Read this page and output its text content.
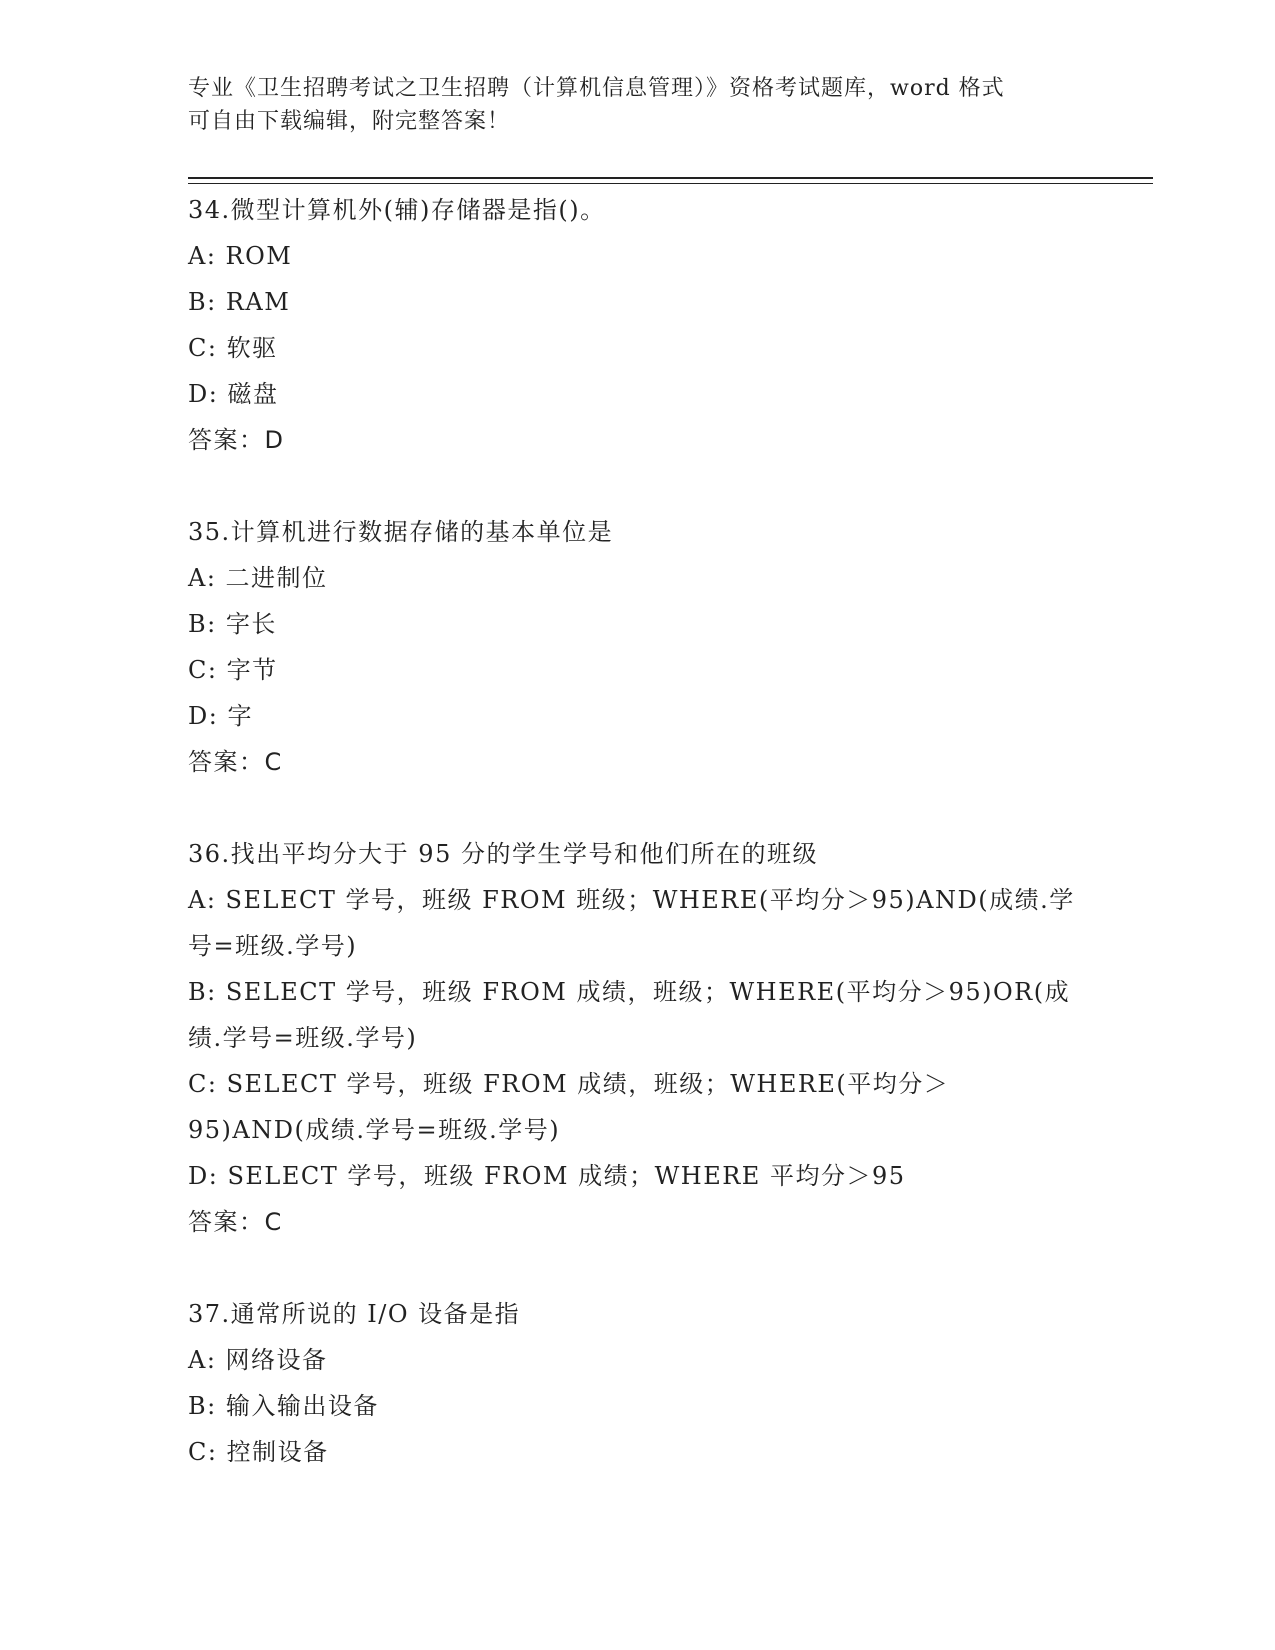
专业《卫生招聘考试之卫生招聘（计算机信息管理）》资格考试题库，word 格式
可自由下载编辑，附完整答案！

34.微型计算机外(辅)存储器是指()。

A: ROM

B: RAM

C: 软驱

D: 磁盘

答案：D

35.计算机进行数据存储的基本单位是

A: 二进制位

B: 字长

C: 字节

D: 字

答案：C

36.找出平均分大于 95 分的学生学号和他们所在的班级

A: SELECT 学号，班级 FROM 班级；WHERE(平均分＞95)AND(成绩.学号=班级.学号)

B: SELECT 学号，班级 FROM 成绩，班级；WHERE(平均分＞95)OR(成绩.学号=班级.学号)

C: SELECT 学号，班级 FROM 成绩，班级；WHERE(平均分＞95)AND(成绩.学号=班级.学号)

D: SELECT 学号，班级 FROM 成绩；WHERE 平均分＞95

答案：C

37.通常所说的 I/O 设备是指

A: 网络设备

B: 输入输出设备

C: 控制设备
